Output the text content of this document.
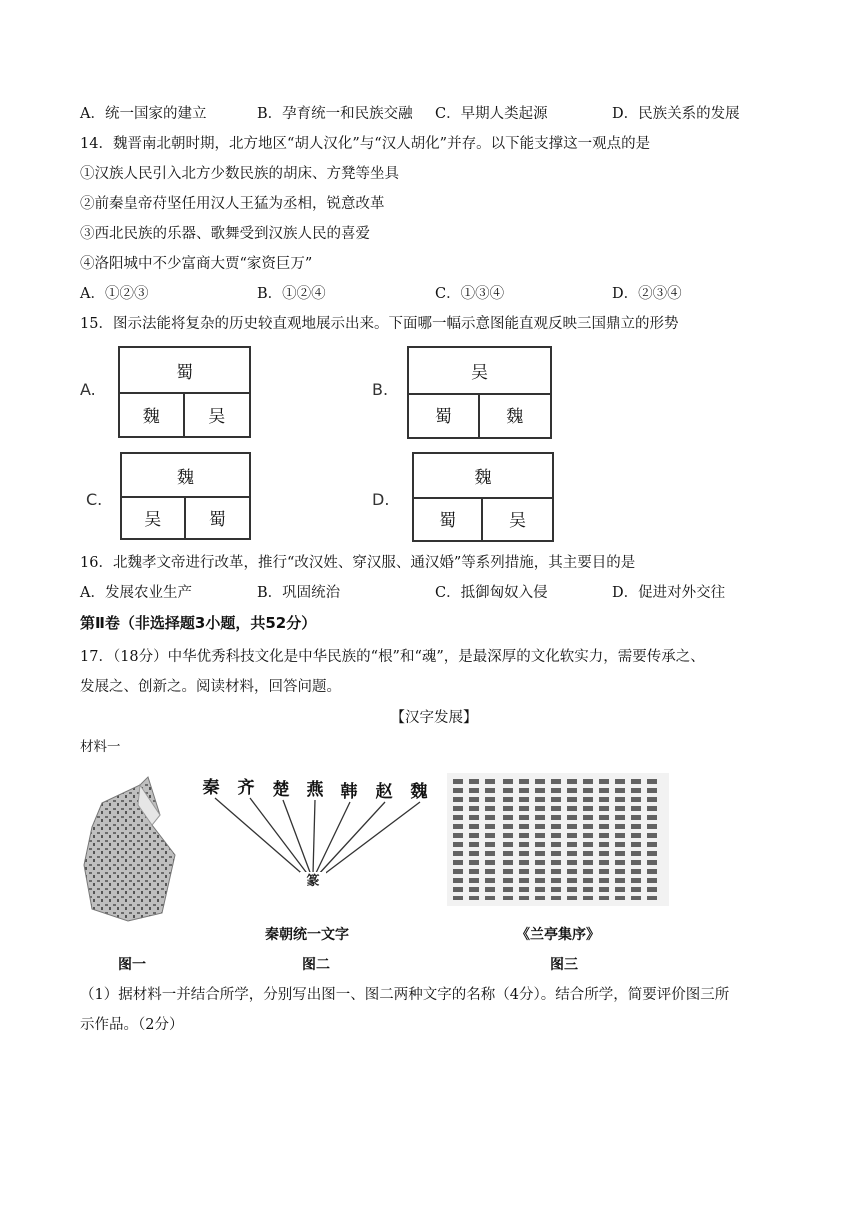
A．统一国家的建立	B．孕育统一和民族交融 C．早期人类起源	D．民族关系的发展
14．魏晋南北朝时期，北方地区“胡人汉化”与“汉人胡化”并存。以下能支撑这一观点的是
①汉族人民引入北方少数民族的胡床、方凳等坐具
②前秦皇帝苻坚任用汉人王猛为丞相，锐意改革
③西北民族的乐器、歌舞受到汉族人民的喜爱
④洛阳城中不少富商大贾“家资巨万”
A．①②③	B．①②④	C．①③④	D．②③④
15．图示法能将复杂的历史较直观地展示出来。下面哪一幅示意图能直观反映三国鼎立的形势
A.
蜀
魏	吴
B.
吴
蜀	魏
C.
魏
吴	蜀
D.
魏
蜀	吴
16．北魏孝文帝进行改革，推行“改汉姓、穿汉服、通汉婚”等系列措施，其主要目的是
A．发展农业生产	B．巩固统治	C．抵御匈奴入侵	D．促进对外交往
第Ⅱ卷（非选择题3小题，共52分）
17．（18分）中华优秀科技文化是中华民族的“根”和“魂”，是最深厚的文化软实力，需要传承之、
发展之、创新之。阅读材料，回答问题。
【汉字发展】
材料一
篆
秦 齐 楚 燕 韩 赵 魏
秦朝统一文字	《兰亭集序》
图一	图二	图三
（1）据材料一并结合所学，分别写出图一、图二两种文字的名称（4分）。结合所学，简要评价图三所
示作品。（2分）
